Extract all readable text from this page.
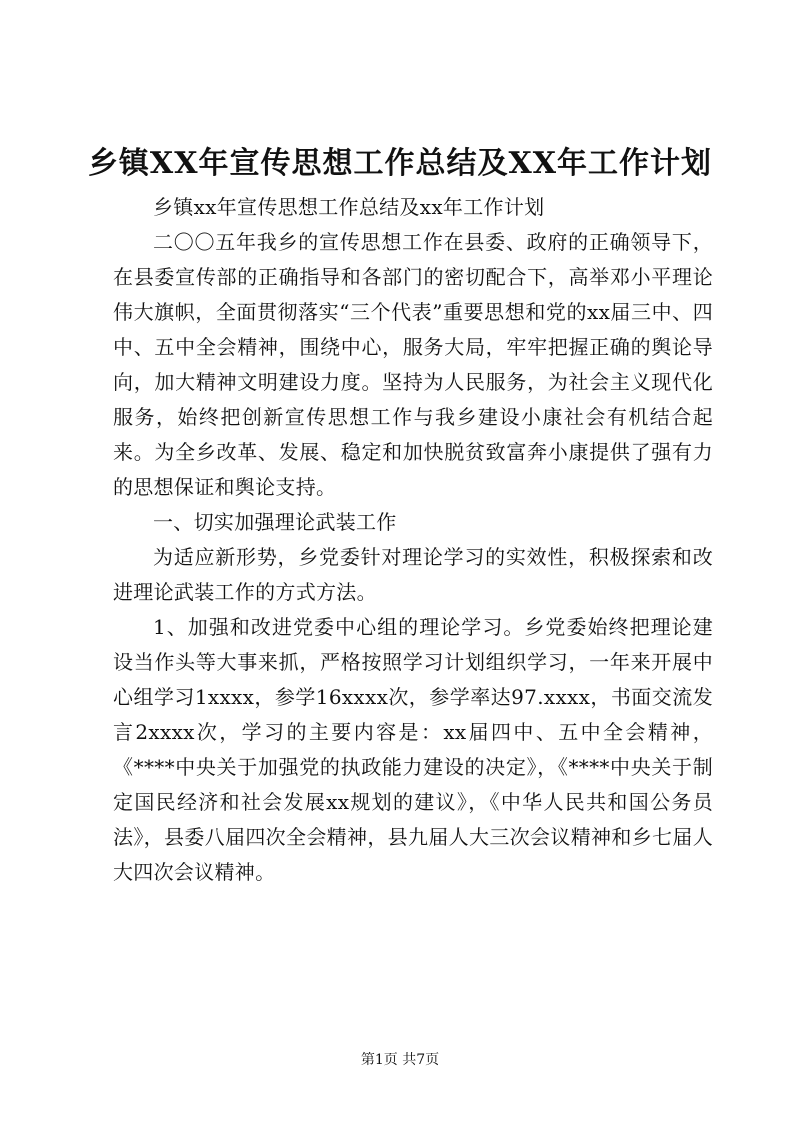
乡镇XX年宣传思想工作总结及XX年工作计划

乡镇xx年宣传思想工作总结及xx年工作计划

二〇〇五年我乡的宣传思想工作在县委、政府的正确领导下，在县委宣传部的正确指导和各部门的密切配合下，高举邓小平理论伟大旗帜，全面贯彻落实“三个代表”重要思想和党的xx届三中、四中、五中全会精神，围绕中心，服务大局，牢牢把握正确的舆论导向，加大精神文明建设力度。坚持为人民服务，为社会主义现代化服务，始终把创新宣传思想工作与我乡建设小康社会有机结合起来。为全乡改革、发展、稳定和加快脱贫致富奔小康提供了强有力的思想保证和舆论支持。

一、切实加强理论武装工作

为适应新形势，乡党委针对理论学习的实效性，积极探索和改进理论武装工作的方式方法。

1、加强和改进党委中心组的理论学习。乡党委始终把理论建设当作头等大事来抓，严格按照学习计划组织学习，一年来开展中心组学习1xxxx，参学16xxxx次，参学率达97.xxxx，书面交流发言2xxxx次，学习的主要内容是：xx届四中、五中全会精神，《****中央关于加强党的执政能力建设的决定》，《****中央关于制定国民经济和社会发展xx规划的建议》，《中华人民共和国公务员法》，县委八届四次全会精神，县九届人大三次会议精神和乡七届人大四次会议精神。

第1页 共7页
